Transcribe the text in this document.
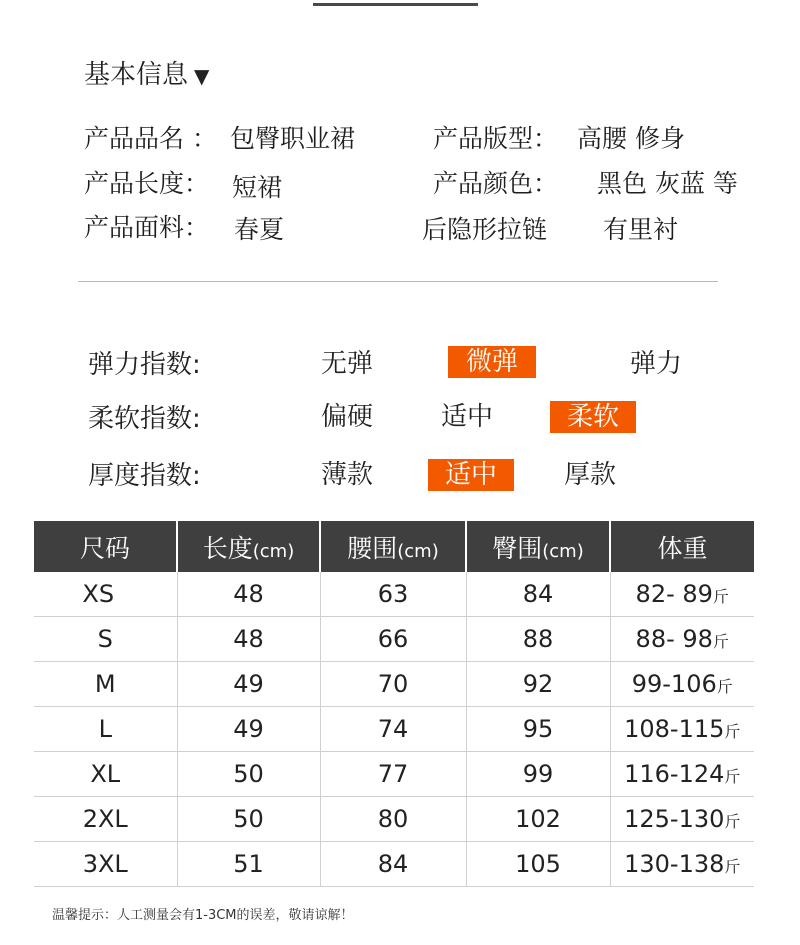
基本信息 ▼
产品品名 ： 包臀职业裙	产品版型： 高腰 修身
产品长度： 短裙	产品颜色： 黑色 灰蓝 等
产品面料： 春夏	后隐形拉链 有里衬
弹力指数:	无弹	微弹	弹力
柔软指数:	偏硬	适中	柔软
厚度指数:	薄款	适中	厚款
尺码	长度(cm)	腰围(cm)	臀围(cm)	体重
XS	48	63	84	82- 89斤
S	48	66	88	88- 98斤
M	49	70	92	99-106斤
L	49	74	95	108-115斤
XL	50	77	99	116-124斤
2XL	50	80	102	125-130斤
3XL	51	84	105	130-138斤
温馨提示：人工测量会有1-3CM的误差，敬请谅解！
